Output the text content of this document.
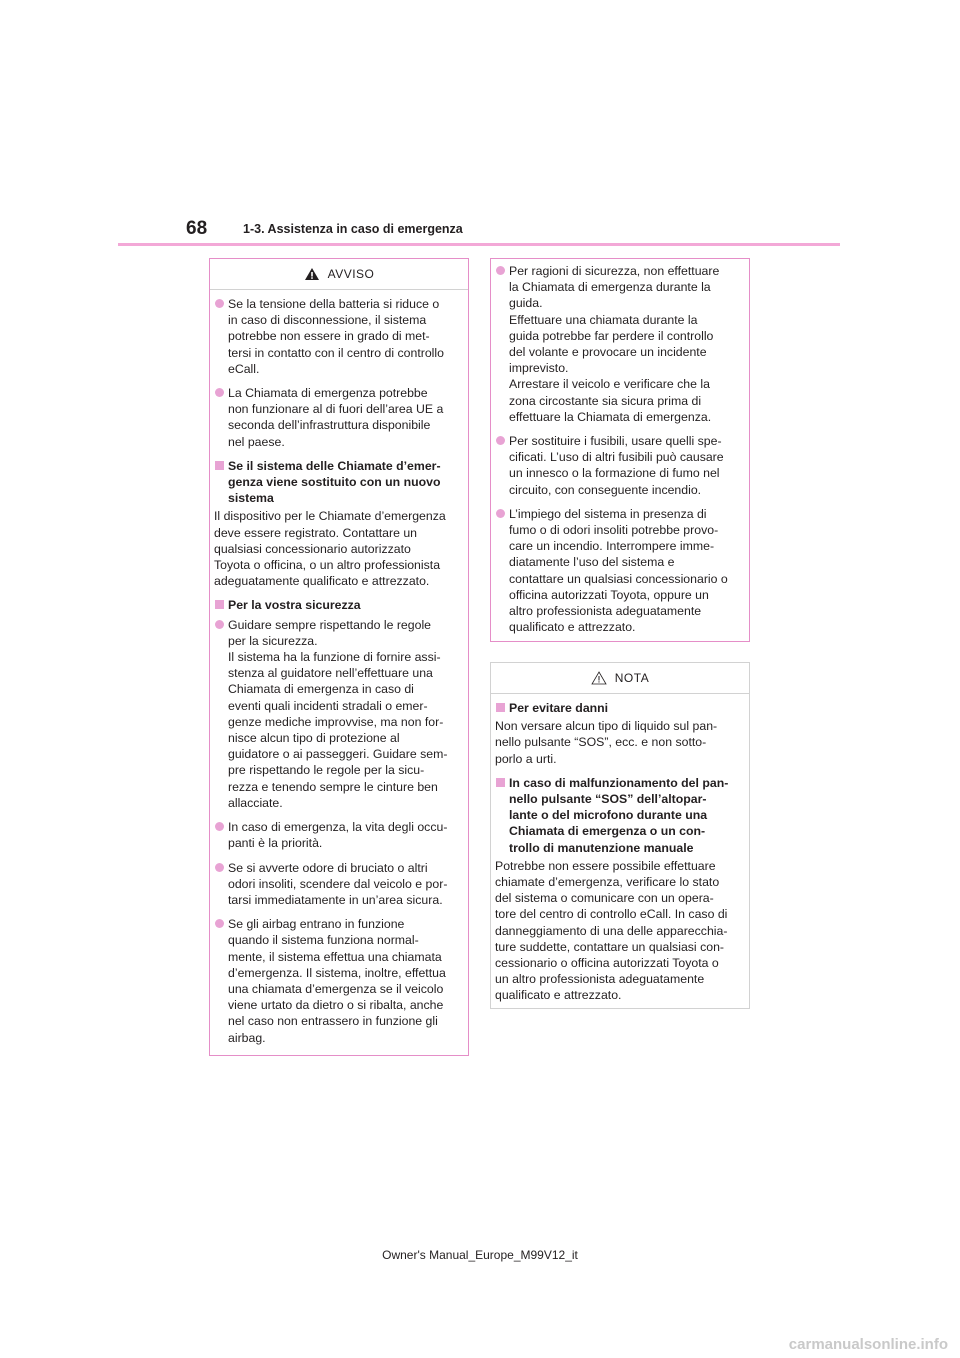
68	1-3. Assistenza in caso di emergenza
AVVISO
Se la tensione della batteria si riduce o
in caso di disconnessione, il sistema
potrebbe non essere in grado di met-
tersi in contatto con il centro di controllo
eCall.
La Chiamata di emergenza potrebbe
non funzionare al di fuori dell’area UE a
seconda dell’infrastruttura disponibile
nel paese.
Se il sistema delle Chiamate d’emer-
genza viene sostituito con un nuovo
sistema
Il dispositivo per le Chiamate d’emergenza
deve essere registrato. Contattare un
qualsiasi concessionario autorizzato
Toyota o officina, o un altro professionista
adeguatamente qualificato e attrezzato.
Per la vostra sicurezza
Guidare sempre rispettando le regole
per la sicurezza.
Il sistema ha la funzione di fornire assi-
stenza al guidatore nell’effettuare una
Chiamata di emergenza in caso di
eventi quali incidenti stradali o emer-
genze mediche improvvise, ma non for-
nisce alcun tipo di protezione al
guidatore o ai passeggeri. Guidare sem-
pre rispettando le regole per la sicu-
rezza e tenendo sempre le cinture ben
allacciate.
In caso di emergenza, la vita degli occu-
panti è la priorità.
Se si avverte odore di bruciato o altri
odori insoliti, scendere dal veicolo e por-
tarsi immediatamente in un’area sicura.
Se gli airbag entrano in funzione
quando il sistema funziona normal-
mente, il sistema effettua una chiamata
d’emergenza. Il sistema, inoltre, effettua
una chiamata d’emergenza se il veicolo
viene urtato da dietro o si ribalta, anche
nel caso non entrassero in funzione gli
airbag.
Per ragioni di sicurezza, non effettuare
la Chiamata di emergenza durante la
guida.
Effettuare una chiamata durante la
guida potrebbe far perdere il controllo
del volante e provocare un incidente
imprevisto.
Arrestare il veicolo e verificare che la
zona circostante sia sicura prima di
effettuare la Chiamata di emergenza.
Per sostituire i fusibili, usare quelli spe-
cificati. L’uso di altri fusibili può causare
un innesco o la formazione di fumo nel
circuito, con conseguente incendio.
L’impiego del sistema in presenza di
fumo o di odori insoliti potrebbe provo-
care un incendio. Interrompere imme-
diatamente l’uso del sistema e
contattare un qualsiasi concessionario o
officina autorizzati Toyota, oppure un
altro professionista adeguatamente
qualificato e attrezzato.
NOTA
Per evitare danni
Non versare alcun tipo di liquido sul pan-
nello pulsante “SOS”, ecc. e non sotto-
porlo a urti.
In caso di malfunzionamento del pan-
nello pulsante “SOS” dell’altopar-
lante o del microfono durante una
Chiamata di emergenza o un con-
trollo di manutenzione manuale
Potrebbe non essere possibile effettuare
chiamate d’emergenza, verificare lo stato
del sistema o comunicare con un opera-
tore del centro di controllo eCall. In caso di
danneggiamento di una delle apparecchia-
ture suddette, contattare un qualsiasi con-
cessionario o officina autorizzati Toyota o
un altro professionista adeguatamente
qualificato e attrezzato.
Owner's Manual_Europe_M99V12_it
carmanualsonline.info
